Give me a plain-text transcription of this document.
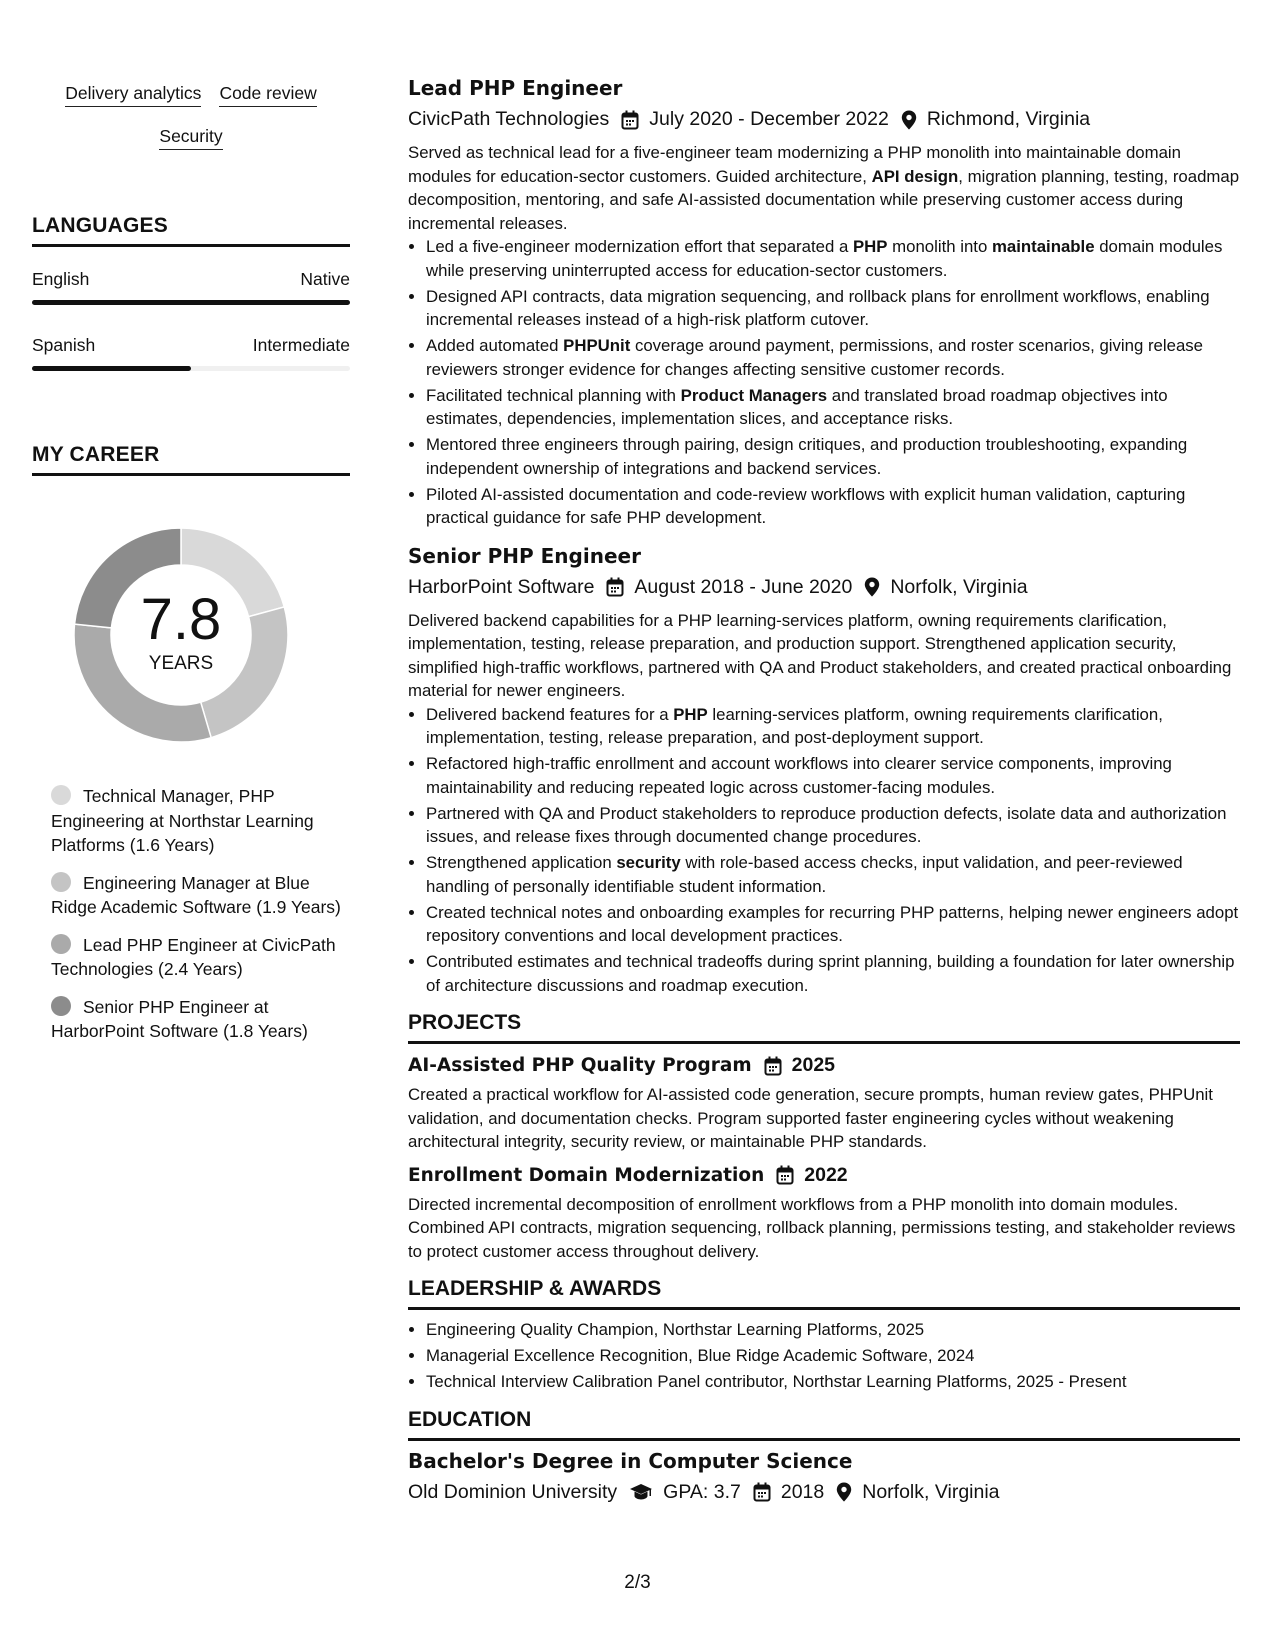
Delivery analytics Code review
Security
LANGUAGES
English	Native
Spanish	Intermediate
MY CAREER
7.8
YEARS
Technical Manager, PHP Engineering at Northstar Learning Platforms (1.6 Years)
Engineering Manager at Blue Ridge Academic Software (1.9 Years)
Lead PHP Engineer at CivicPath Technologies (2.4 Years)
Senior PHP Engineer at HarborPoint Software (1.8 Years)
Lead PHP Engineer
CivicPath Technologies July 2020 - December 2022 Richmond, Virginia
Served as technical lead for a five-engineer team modernizing a PHP monolith into maintainable domain modules for education-sector customers. Guided architecture, API design, migration planning, testing, roadmap decomposition, mentoring, and safe AI-assisted documentation while preserving customer access during incremental releases.
• Led a five-engineer modernization effort that separated a PHP monolith into maintainable domain modules while preserving uninterrupted access for education-sector customers.
• Designed API contracts, data migration sequencing, and rollback plans for enrollment workflows, enabling incremental releases instead of a high-risk platform cutover.
• Added automated PHPUnit coverage around payment, permissions, and roster scenarios, giving release reviewers stronger evidence for changes affecting sensitive customer records.
• Facilitated technical planning with Product Managers and translated broad roadmap objectives into estimates, dependencies, implementation slices, and acceptance risks.
• Mentored three engineers through pairing, design critiques, and production troubleshooting, expanding independent ownership of integrations and backend services.
• Piloted AI-assisted documentation and code-review workflows with explicit human validation, capturing practical guidance for safe PHP development.
Senior PHP Engineer
HarborPoint Software August 2018 - June 2020 Norfolk, Virginia
Delivered backend capabilities for a PHP learning-services platform, owning requirements clarification, implementation, testing, release preparation, and production support. Strengthened application security, simplified high-traffic workflows, partnered with QA and Product stakeholders, and created practical onboarding material for newer engineers.
• Delivered backend features for a PHP learning-services platform, owning requirements clarification, implementation, testing, release preparation, and post-deployment support.
• Refactored high-traffic enrollment and account workflows into clearer service components, improving maintainability and reducing repeated logic across customer-facing modules.
• Partnered with QA and Product stakeholders to reproduce production defects, isolate data and authorization issues, and release fixes through documented change procedures.
• Strengthened application security with role-based access checks, input validation, and peer-reviewed handling of personally identifiable student information.
• Created technical notes and onboarding examples for recurring PHP patterns, helping newer engineers adopt repository conventions and local development practices.
• Contributed estimates and technical tradeoffs during sprint planning, building a foundation for later ownership of architecture discussions and roadmap execution.
PROJECTS
AI-Assisted PHP Quality Program 2025
Created a practical workflow for AI-assisted code generation, secure prompts, human review gates, PHPUnit validation, and documentation checks. Program supported faster engineering cycles without weakening architectural integrity, security review, or maintainable PHP standards.
Enrollment Domain Modernization 2022
Directed incremental decomposition of enrollment workflows from a PHP monolith into domain modules. Combined API contracts, migration sequencing, rollback planning, permissions testing, and stakeholder reviews to protect customer access throughout delivery.
LEADERSHIP & AWARDS
• Engineering Quality Champion, Northstar Learning Platforms, 2025
• Managerial Excellence Recognition, Blue Ridge Academic Software, 2024
• Technical Interview Calibration Panel contributor, Northstar Learning Platforms, 2025 - Present
EDUCATION
Bachelor's Degree in Computer Science
Old Dominion University GPA: 3.7 2018 Norfolk, Virginia
2/3
